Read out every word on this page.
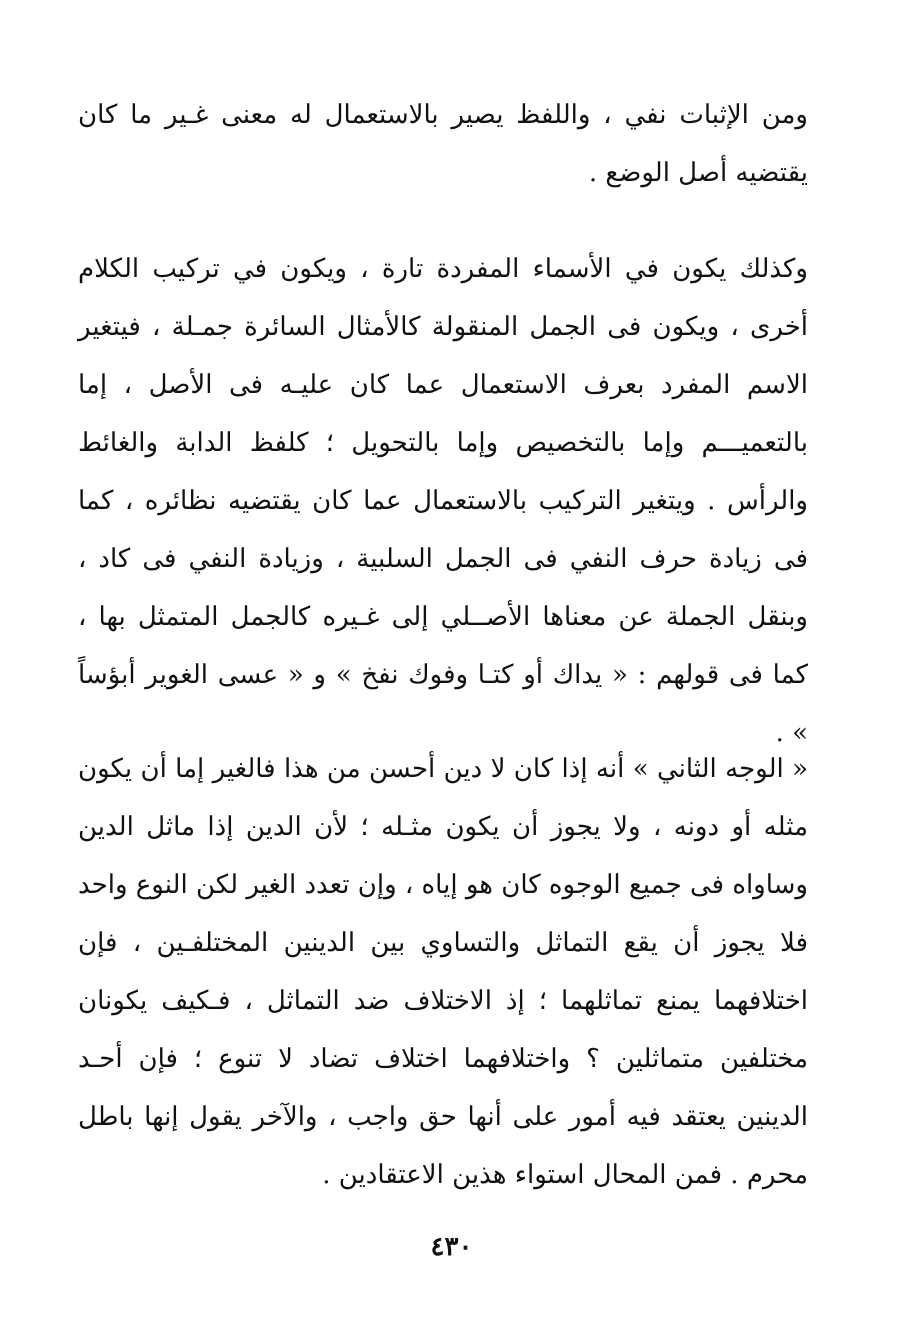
ومن الإثبات نفي ، واللفظ يصير بالاستعمال له معنى غـير ما كان يقتضيه أصل الوضع .

وكذلك يكون في الأسماء المفردة تارة ، ويكون في تركيب الكلام أخرى ، ويكون فى الجمل المنقولة كالأمثال السائرة جمـلة ، فيتغير الاسم المفرد بعرف الاستعمال عما كان عليـه فى الأصل ، إما بالتعميـــم وإما بالتخصيص وإما بالتحويل ؛ كلفظ الدابة والغائط والرأس . ويتغير التركيب بالاستعمال عما كان يقتضيه نظائره ، كما فى زيادة حرف النفي فى الجمل السلبية ، وزيادة النفي فى كاد ، وبنقل الجملة عن معناها الأصــلي إلى غـيره كالجمل المتمثل بها ، كما فى قولهم : « يداك أو كتـا وفوك نفخ » و « عسى الغوير أبؤساً » .

« الوجه الثاني » أنه إذا كان لا دين أحسن من هذا فالغير إما أن يكون مثله أو دونه ، ولا يجوز أن يكون مثـله ؛ لأن الدين إذا ماثل الدين وساواه فى جميع الوجوه كان هو إياه ، وإن تعدد الغير لكن النوع واحد فلا يجوز أن يقع التماثل والتساوي بين الدينين المختلفـين ، فإن اختلافهما يمنع تماثلهما ؛ إذ الاختلاف ضد التماثل ، فـكيف يكونان مختلفين متماثلين ؟ واختلافهما اختلاف تضاد لا تنوع ؛ فإن أحـد الدينين يعتقد فيه أمور على أنها حق واجب ، والآخر يقول إنها باطل محرم . فمن المحال استواء هذين الاعتقادين .

٤٣٠
